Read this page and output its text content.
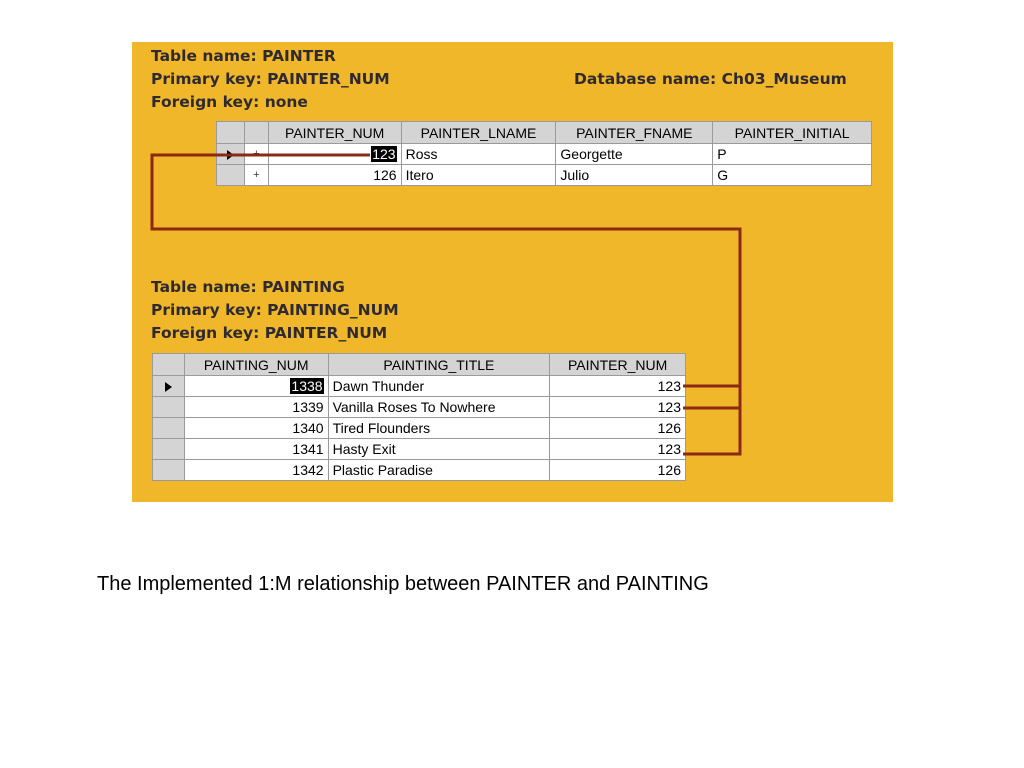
Table name: PAINTER
Primary key: PAINTER_NUM
Foreign key: none
Database name: Ch03_Museum
		PAINTER_NUM	PAINTER_LNAME	PAINTER_FNAME	PAINTER_INITIAL
	+	123	Ross	Georgette	P
	+	126	Itero	Julio	G
Table name: PAINTING
Primary key: PAINTING_NUM
Foreign key: PAINTER_NUM
	PAINTING_NUM	PAINTING_TITLE	PAINTER_NUM
	1338	Dawn Thunder	123
	1339	Vanilla Roses To Nowhere	123
	1340	Tired Flounders	126
	1341	Hasty Exit	123
	1342	Plastic Paradise	126
The Implemented 1:M relationship between PAINTER and PAINTING
